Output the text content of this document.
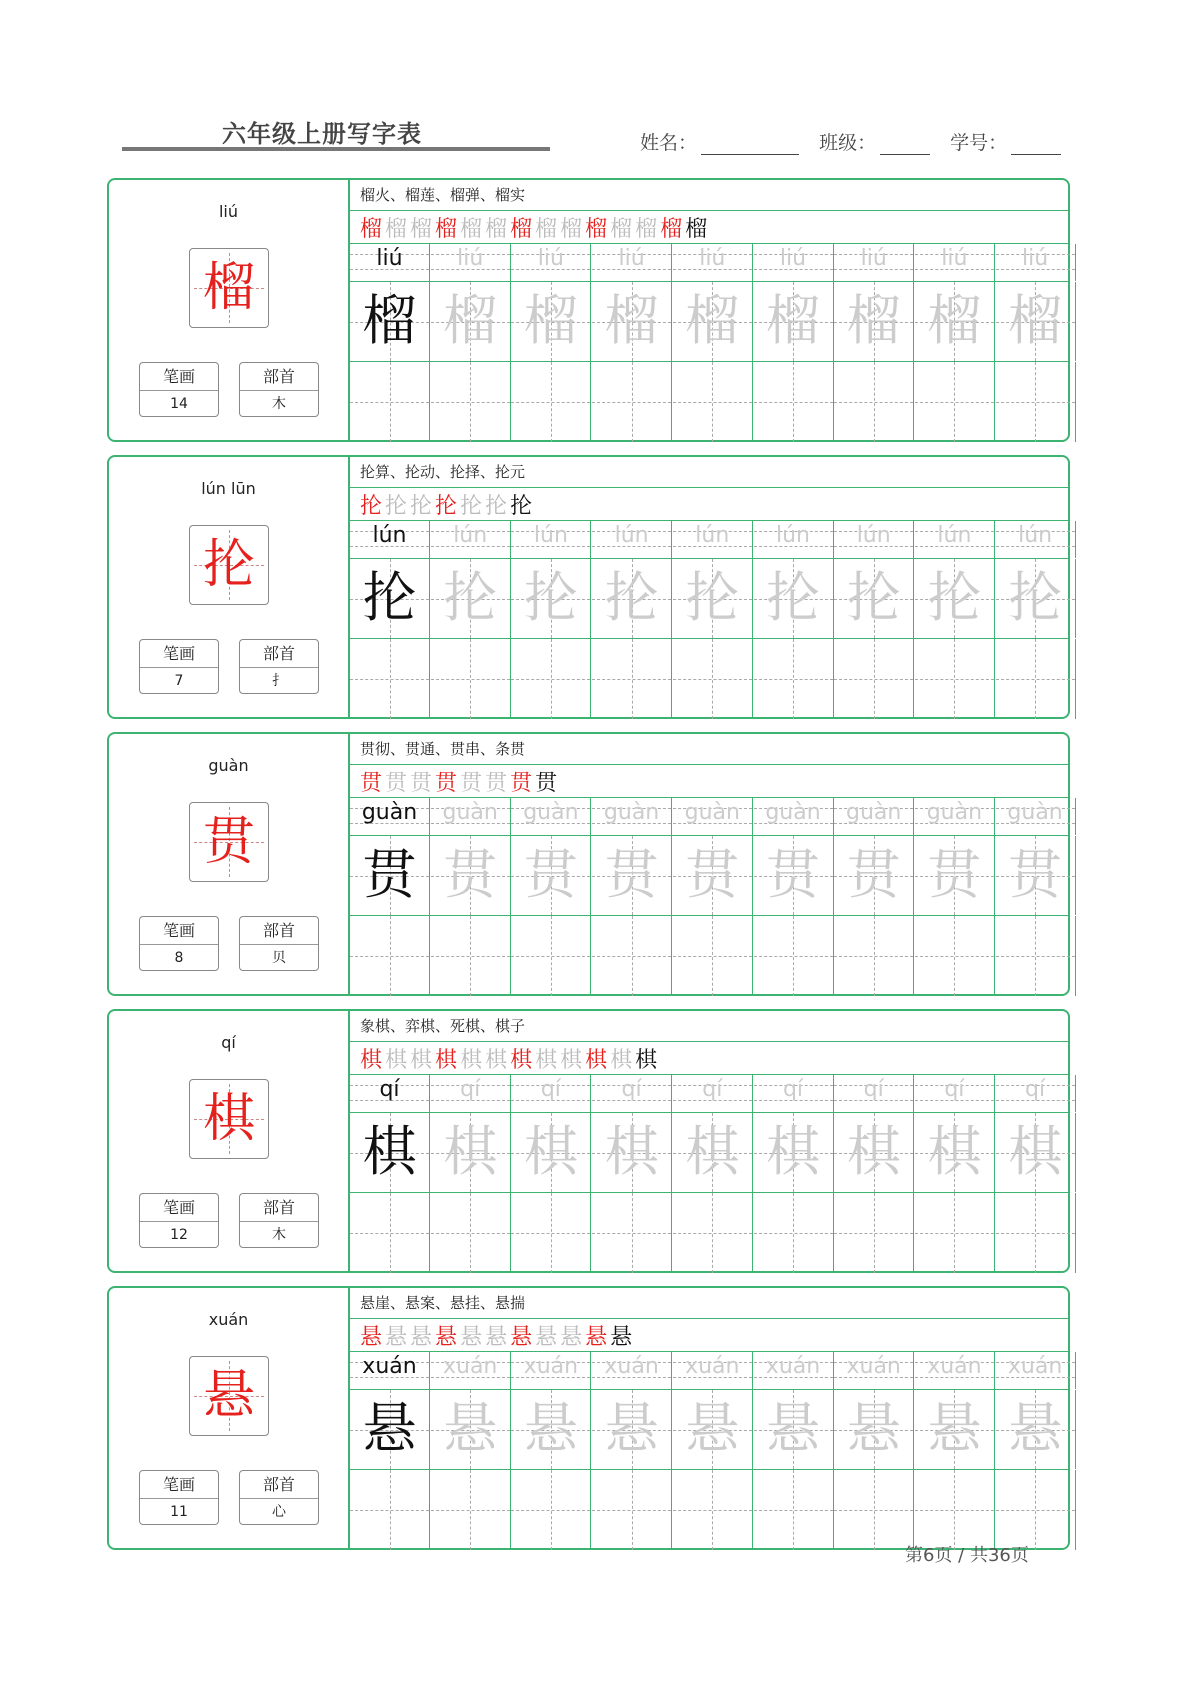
六年级上册写字表	姓名：	班级：	学号：
liú
榴
笔画
14
部首
木
榴火、榴莲、榴弹、榴实
榴 榴 榴 榴 榴 榴 榴 榴 榴 榴 榴 榴 榴 榴
liú	liú	liú	liú	liú	liú	liú	liú	liú
榴 榴 榴 榴 榴 榴 榴 榴 榴
lún lūn
抡
笔画
7
部首
扌
抡算、抡动、抡择、抡元
抡 抡 抡 抡 抡 抡 抡
lún	lún	lún	lún	lún	lún	lún	lún	lún
抡 抡 抡 抡 抡 抡 抡 抡 抡
guàn
贯
笔画
8
部首
贝
贯彻、贯通、贯串、条贯
贯 贯 贯 贯 贯 贯 贯 贯
guàn	guàn	guàn	guàn	guàn	guàn	guàn	guàn	guàn
贯 贯 贯 贯 贯 贯 贯 贯 贯
qí
棋
笔画
12
部首
木
象棋、弈棋、死棋、棋子
棋 棋 棋 棋 棋 棋 棋 棋 棋 棋 棋 棋
qí	qí	qí	qí	qí	qí	qí	qí	qí
棋 棋 棋 棋 棋 棋 棋 棋 棋
xuán
悬
笔画
11
部首
心
悬崖、悬案、悬挂、悬揣
悬 悬 悬 悬 悬 悬 悬 悬 悬 悬 悬
xuán	xuán	xuán	xuán	xuán	xuán	xuán	xuán	xuán
悬 悬 悬 悬 悬 悬 悬 悬 悬
第6页 / 共36页
